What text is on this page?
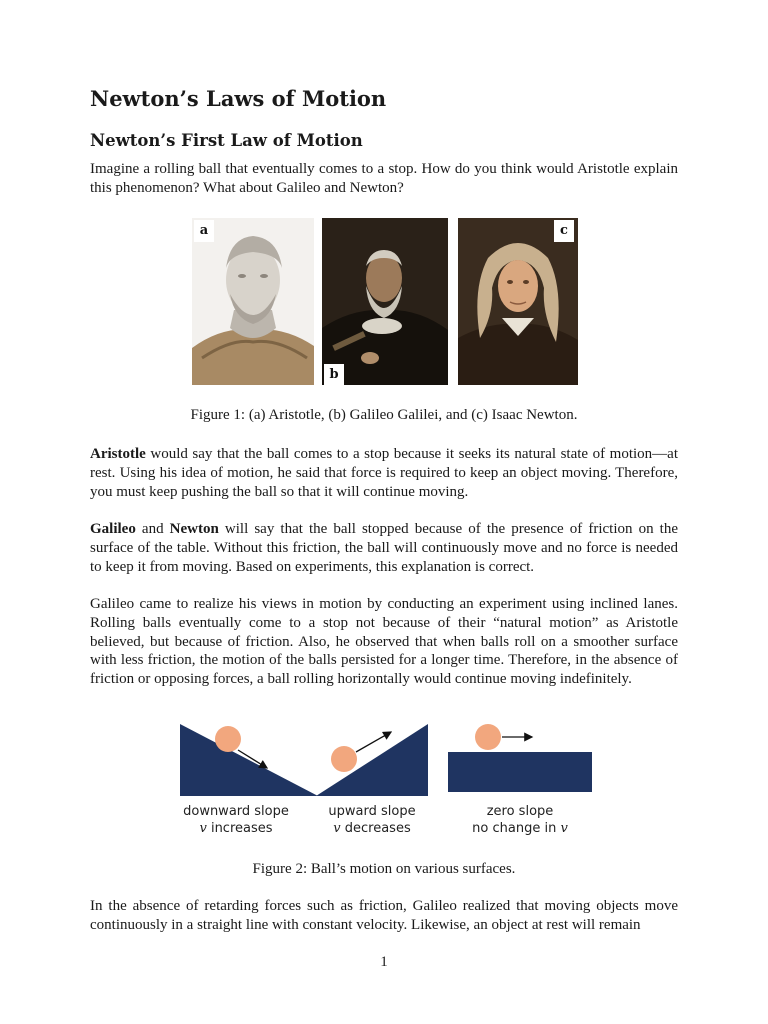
Newton’s Laws of Motion
Newton’s First Law of Motion

Imagine a rolling ball that eventually comes to a stop. How do you think would Aristotle explain this phenomenon? What about Galileo and Newton?

a
b
c
Figure 1: (a) Aristotle, (b) Galileo Galilei, and (c) Isaac Newton.

Aristotle would say that the ball comes to a stop because it seeks its natural state of motion—at rest. Using his idea of motion, he said that force is required to keep an object moving. Therefore, you must keep pushing the ball so that it will continue moving.

Galileo and Newton will say that the ball stopped because of the presence of friction on the surface of the table. Without this friction, the ball will continuously move and no force is needed to keep it from moving. Based on experiments, this explanation is correct.

Galileo came to realize his views in motion by conducting an experiment using inclined lanes. Rolling balls eventually come to a stop not because of their “natural motion” as Aristotle believed, but because of friction. Also, he observed that when balls roll on a smoother surface with less friction, the motion of the balls persisted for a longer time. Therefore, in the absence of friction or opposing forces, a ball rolling horizontally would continue moving indefinitely.

downward slope
v increases
upward slope
v decreases
zero slope
no change in v
Figure 2: Ball’s motion on various surfaces.

In the absence of retarding forces such as friction, Galileo realized that moving objects move continuously in a straight line with constant velocity. Likewise, an object at rest will remain

1
